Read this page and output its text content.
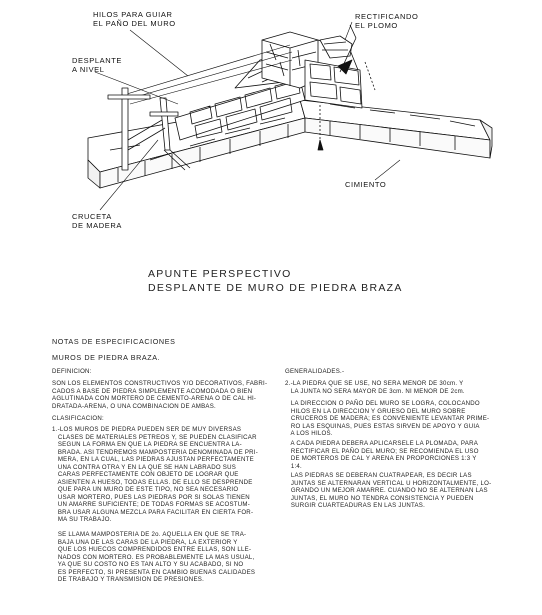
HILOS PARA GUIAR
EL PAÑO DEL MURO
RECTIFICANDO
EL PLOMO
DESPLANTE
A NIVEL
CIMIENTO
CRUCETA
DE MADERA
APUNTE PERSPECTIVO
DESPLANTE DE MURO DE PIEDRA BRAZA
NOTAS DE ESPECIFICACIONES
MUROS DE PIEDRA BRAZA.
DEFINICION:
SON LOS ELEMENTOS CONSTRUCTIVOS Y/O DECORATIVOS, FABRI-
CADOS A BASE DE PIEDRA SIMPLEMENTE ACOMODADA O BIEN
AGLUTINADA CON MORTERO DE CEMENTO-ARENA O DE CAL HI-
DRATADA-ARENA, O UNA COMBINACION DE AMBAS.
CLASIFICACION:
1.-LOS MUROS DE PIEDRA PUEDEN SER DE MUY DIVERSAS
CLASES DE MATERIALES PETREOS Y, SE PUEDEN CLASIFICAR
SEGUN LA FORMA EN QUE LA PIEDRA SE ENCUENTRA LA-
BRADA. ASI TENDREMOS MAMPOSTERIA DENOMINADA DE PRI-
MERA, EN LA CUAL, LAS PIEDRAS AJUSTAN PERFECTAMENTE
UNA CONTRA OTRA Y EN LA QUE SE HAN LABRADO SUS
CARAS PERFECTAMENTE CON OBJETO DE LOGRAR QUE
ASIENTEN A HUESO, TODAS ELLAS. DE ELLO SE DESPRENDE
QUE PARA UN MURO DE ESTE TIPO, NO SEA NECESARIO
USAR MORTERO, PUES LAS PIEDRAS POR SI SOLAS TIENEN
UN AMARRE SUFICIENTE; DE TODAS FORMAS SE ACOSTUM-
BRA USAR ALGUNA MEZCLA PARA FACILITAR EN CIERTA FOR-
MA SU TRABAJO.
SE LLAMA MAMPOSTERIA DE 2o. AQUELLA EN QUE SE TRA-
BAJA UNA DE LAS CARAS DE LA PIEDRA, LA EXTERIOR Y
QUE LOS HUECOS COMPRENDIDOS ENTRE ELLAS, SON LLE-
NADOS CON MORTERO. ES PROBABLEMENTE LA MAS USUAL,
YA QUE SU COSTO NO ES TAN ALTO Y SU ACABADO, SI NO
ES PERFECTO, SI PRESENTA EN CAMBIO BUENAS CALIDADES
DE TRABAJO Y TRANSMISION DE PRESIONES.
GENERALIDADES.-
2.-LA PIEDRA QUE SE USE, NO SERA MENOR DE 30cm. Y
LA JUNTA NO SERA MAYOR DE 3cm. NI MENOR DE 2cm.
LA DIRECCION O PAÑO DEL MURO SE LOGRA, COLOCANDO
HILOS EN LA DIRECCION Y GRUESO DEL MURO SOBRE
CRUCEROS DE MADERA; ES CONVENIENTE LEVANTAR PRIME-
RO LAS ESQUINAS, PUES ESTAS SIRVEN DE APOYO Y GUIA
A LOS HILOS.
A CADA PIEDRA DEBERA APLICARSELE LA PLOMADA, PARA
RECTIFICAR EL PAÑO DEL MURO; SE RECOMIENDA EL USO
DE MORTEROS DE CAL Y ARENA EN PROPORCIONES 1:3 Y
1:4.
LAS PIEDRAS SE DEBERAN CUATRAPEAR, ES DECIR LAS
JUNTAS SE ALTERNARAN VERTICAL U HORIZONTALMENTE, LO-
GRANDO UN MEJOR AMARRE. CUANDO NO SE ALTERNAN LAS
JUNTAS, EL MURO NO TENDRA CONSISTENCIA Y PUEDEN
SURGIR CUARTEADURAS EN LAS JUNTAS.
